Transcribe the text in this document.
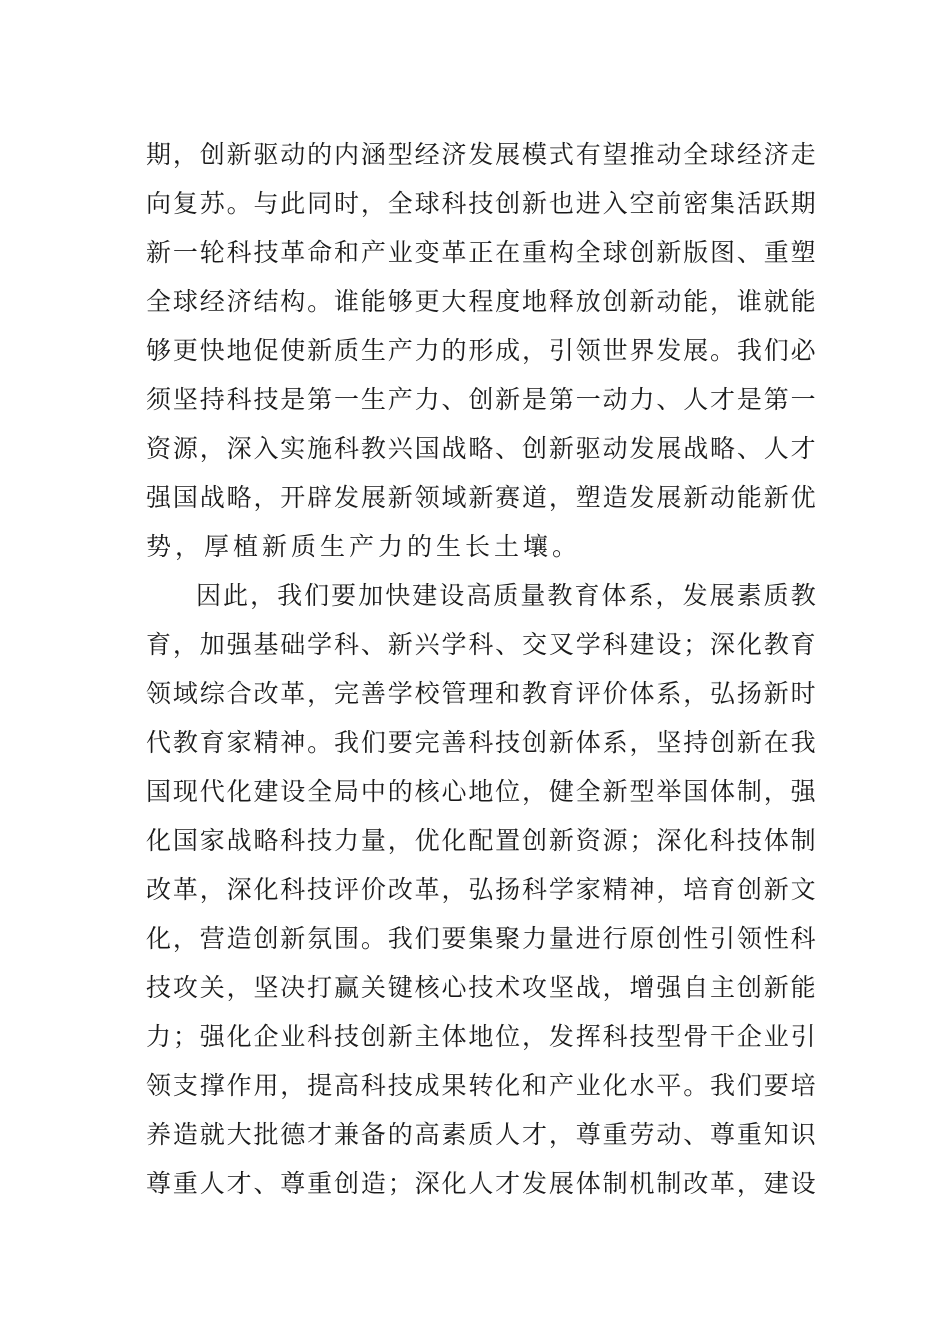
期 ， 创 新 驱 动 的 内 涵 型 经 济 发 展 模 式 有 望 推 动 全 球 经 济 走
向 复 苏 。 与 此 同 时 ， 全 球 科 技 创 新 也 进 入 空 前 密 集 活 跃 期
新 一 轮 科 技 革 命 和 产 业 变 革 正 在 重 构 全 球 创 新 版 图 、 重 塑
全 球 经 济 结 构 。 谁 能 够 更 大 程 度 地 释 放 创 新 动 能 ， 谁 就 能
够 更 快 地 促 使 新 质 生 产 力 的 形 成 ， 引 领 世 界 发 展 。 我 们 必
须 坚 持 科 技 是 第 一 生 产 力 、 创 新 是 第 一 动 力 、 人 才 是 第 一
资 源 ， 深 入 实 施 科 教 兴 国 战 略 、 创 新 驱 动 发 展 战 略 、 人 才
强 国 战 略 ， 开 辟 发 展 新 领 域 新 赛 道 ， 塑 造 发 展 新 动 能 新 优
势，厚植新质生产力的生长土壤。
因 此 ， 我 们 要 加 快 建 设 高 质 量 教 育 体 系 ， 发 展 素 质 教
育 ， 加 强 基 础 学 科 、 新 兴 学 科 、 交 叉 学 科 建 设 ； 深 化 教 育
领 域 综 合 改 革 ， 完 善 学 校 管 理 和 教 育 评 价 体 系 ， 弘 扬 新 时
代 教 育 家 精 神 。 我 们 要 完 善 科 技 创 新 体 系 ， 坚 持 创 新 在 我
国 现 代 化 建 设 全 局 中 的 核 心 地 位 ， 健 全 新 型 举 国 体 制 ， 强
化 国 家 战 略 科 技 力 量 ， 优 化 配 置 创 新 资 源 ； 深 化 科 技 体 制
改 革 ， 深 化 科 技 评 价 改 革 ， 弘 扬 科 学 家 精 神 ， 培 育 创 新 文
化 ， 营 造 创 新 氛 围 。 我 们 要 集 聚 力 量 进 行 原 创 性 引 领 性 科
技 攻 关 ， 坚 决 打 赢 关 键 核 心 技 术 攻 坚 战 ， 增 强 自 主 创 新 能
力 ； 强 化 企 业 科 技 创 新 主 体 地 位 ， 发 挥 科 技 型 骨 干 企 业 引
领 支 撑 作 用 ， 提 高 科 技 成 果 转 化 和 产 业 化 水 平 。 我 们 要 培
养 造 就 大 批 德 才 兼 备 的 高 素 质 人 才 ， 尊 重 劳 动 、 尊 重 知 识
尊 重 人 才 、 尊 重 创 造 ； 深 化 人 才 发 展 体 制 机 制 改 革 ， 建 设
